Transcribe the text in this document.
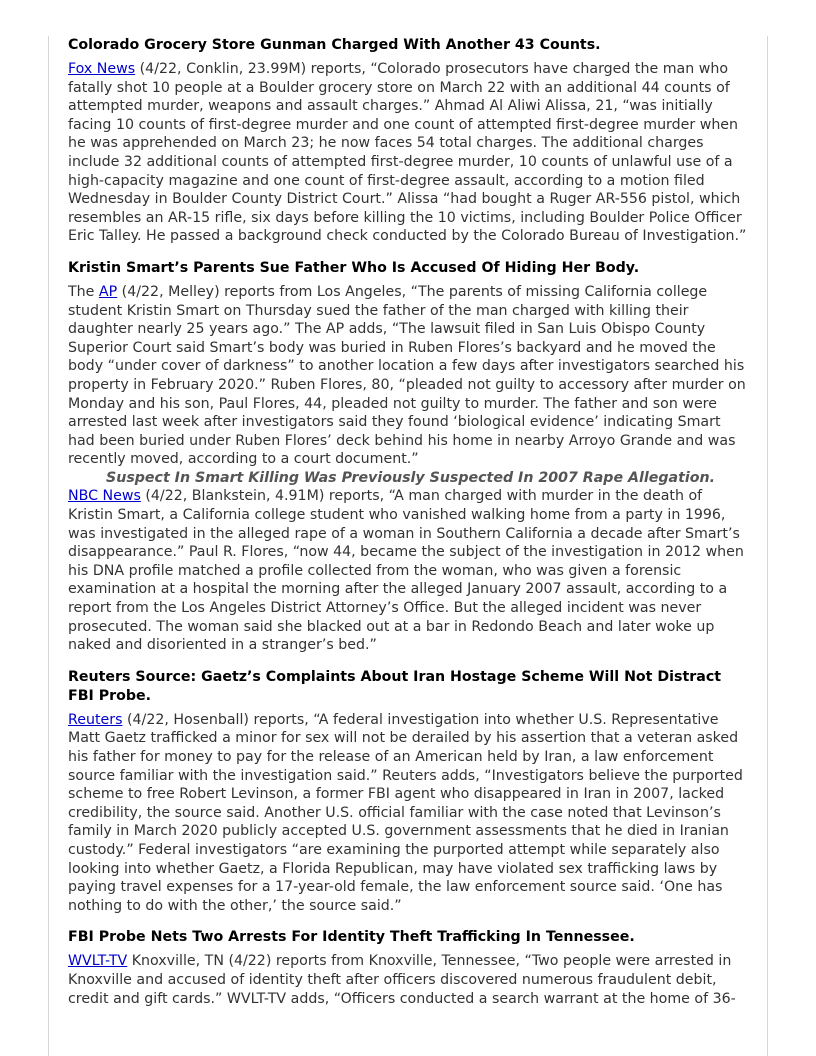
Colorado Grocery Store Gunman Charged With Another 43 Counts.

Fox News (4/22, Conklin, 23.99M) reports, “Colorado prosecutors have charged the man who fatally shot 10 people at a Boulder grocery store on March 22 with an additional 44 counts of attempted murder, weapons and assault charges.” Ahmad Al Aliwi Alissa, 21, “was initially facing 10 counts of first-degree murder and one count of attempted first-degree murder when he was apprehended on March 23; he now faces 54 total charges. The additional charges include 32 additional counts of attempted first-degree murder, 10 counts of unlawful use of a high-capacity magazine and one count of first-degree assault, according to a motion filed Wednesday in Boulder County District Court.” Alissa “had bought a Ruger AR-556 pistol, which resembles an AR-15 rifle, six days before killing the 10 victims, including Boulder Police Officer Eric Talley. He passed a background check conducted by the Colorado Bureau of Investigation.”

Kristin Smart’s Parents Sue Father Who Is Accused Of Hiding Her Body.

The AP (4/22, Melley) reports from Los Angeles, “The parents of missing California college student Kristin Smart on Thursday sued the father of the man charged with killing their daughter nearly 25 years ago.” The AP adds, “The lawsuit filed in San Luis Obispo County Superior Court said Smart’s body was buried in Ruben Flores’s backyard and he moved the body “under cover of darkness” to another location a few days after investigators searched his property in February 2020.” Ruben Flores, 80, “pleaded not guilty to accessory after murder on Monday and his son, Paul Flores, 44, pleaded not guilty to murder. The father and son were arrested last week after investigators said they found ‘biological evidence’ indicating Smart had been buried under Ruben Flores’ deck behind his home in nearby Arroyo Grande and was recently moved, according to a court document.”

Suspect In Smart Killing Was Previously Suspected In 2007 Rape Allegation.

NBC News (4/22, Blankstein, 4.91M) reports, “A man charged with murder in the death of Kristin Smart, a California college student who vanished walking home from a party in 1996, was investigated in the alleged rape of a woman in Southern California a decade after Smart’s disappearance.” Paul R. Flores, “now 44, became the subject of the investigation in 2012 when his DNA profile matched a profile collected from the woman, who was given a forensic examination at a hospital the morning after the alleged January 2007 assault, according to a report from the Los Angeles District Attorney’s Office. But the alleged incident was never prosecuted. The woman said she blacked out at a bar in Redondo Beach and later woke up naked and disoriented in a stranger’s bed.”

Reuters Source: Gaetz’s Complaints About Iran Hostage Scheme Will Not Distract FBI Probe.

Reuters (4/22, Hosenball) reports, “A federal investigation into whether U.S. Representative Matt Gaetz trafficked a minor for sex will not be derailed by his assertion that a veteran asked his father for money to pay for the release of an American held by Iran, a law enforcement source familiar with the investigation said.” Reuters adds, “Investigators believe the purported scheme to free Robert Levinson, a former FBI agent who disappeared in Iran in 2007, lacked credibility, the source said. Another U.S. official familiar with the case noted that Levinson’s family in March 2020 publicly accepted U.S. government assessments that he died in Iranian custody.” Federal investigators “are examining the purported attempt while separately also looking into whether Gaetz, a Florida Republican, may have violated sex trafficking laws by paying travel expenses for a 17-year-old female, the law enforcement source said. ‘One has nothing to do with the other,’ the source said.”

FBI Probe Nets Two Arrests For Identity Theft Trafficking In Tennessee.

WVLT-TV Knoxville, TN (4/22) reports from Knoxville, Tennessee, “Two people were arrested in Knoxville and accused of identity theft after officers discovered numerous fraudulent debit, credit and gift cards.” WVLT-TV adds, “Officers conducted a search warrant at the home of 36-
